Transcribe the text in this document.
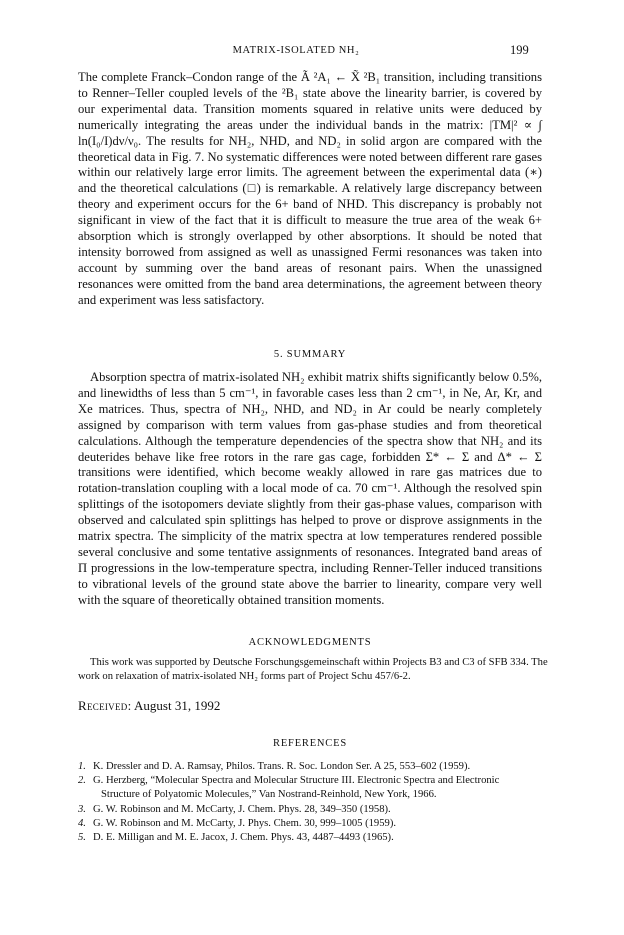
MATRIX-ISOLATED NH₂	199

The complete Franck–Condon range of the Ã ²A₁ ← X̃ ²B₁ transition, including transitions to Renner–Teller coupled levels of the ²B₁ state above the linearity barrier, is covered by our experimental data. Transition moments squared in relative units were deduced by numerically integrating the areas under the individual bands in the matrix: |TM|² ∝ ∫ ln(I₀/I)dν/ν₀. The results for NH₂, NHD, and ND₂ in solid argon are compared with the theoretical data in Fig. 7. No systematic differences were noted between different rare gases within our relatively large error limits. The agreement between the experimental data (∗) and the theoretical calculations (□) is remarkable. A relatively large discrepancy between theory and experiment occurs for the 6+ band of NHD. This discrepancy is probably not significant in view of the fact that it is difficult to measure the true area of the weak 6+ absorption which is strongly overlapped by other absorptions. It should be noted that intensity borrowed from assigned as well as unassigned Fermi resonances was taken into account by summing over the band areas of resonant pairs. When the unassigned resonances were omitted from the band area determinations, the agreement between theory and experiment was less satisfactory.

5. SUMMARY

Absorption spectra of matrix-isolated NH₂ exhibit matrix shifts significantly below 0.5%, and linewidths of less than 5 cm⁻¹, in favorable cases less than 2 cm⁻¹, in Ne, Ar, Kr, and Xe matrices. Thus, spectra of NH₂, NHD, and ND₂ in Ar could be nearly completely assigned by comparison with term values from gas-phase studies and from theoretical calculations. Although the temperature dependencies of the spectra show that NH₂ and its deuterides behave like free rotors in the rare gas cage, forbidden Σ* ← Σ and Δ* ← Σ transitions were identified, which become weakly allowed in rare gas matrices due to rotation-translation coupling with a local mode of ca. 70 cm⁻¹. Although the resolved spin splittings of the isotopomers deviate slightly from their gas-phase values, comparison with observed and calculated spin splittings has helped to prove or disprove assignments in the matrix spectra. The simplicity of the matrix spectra at low temperatures rendered possible several conclusive and some tentative assignments of resonances. Integrated band areas of Π progressions in the low-temperature spectra, including Renner-Teller induced transitions to vibrational levels of the ground state above the barrier to linearity, compare very well with the square of theoretically obtained transition moments.

ACKNOWLEDGMENTS

This work was supported by Deutsche Forschungsgemeinschaft within Projects B3 and C3 of SFB 334. The work on relaxation of matrix-isolated NH₂ forms part of Project Schu 457/6-2.

Received: August 31, 1992
REFERENCES
1. K. Dressler and D. A. Ramsay, Philos. Trans. R. Soc. London Ser. A 25, 553–602 (1959).
2. G. Herzberg, “Molecular Spectra and Molecular Structure III. Electronic Spectra and Electronic
Structure of Polyatomic Molecules,” Van Nostrand-Reinhold, New York, 1966.
3. G. W. Robinson and M. McCarty, J. Chem. Phys. 28, 349–350 (1958).
4. G. W. Robinson and M. McCarty, J. Phys. Chem. 30, 999–1005 (1959).
5. D. E. Milligan and M. E. Jacox, J. Chem. Phys. 43, 4487–4493 (1965).
